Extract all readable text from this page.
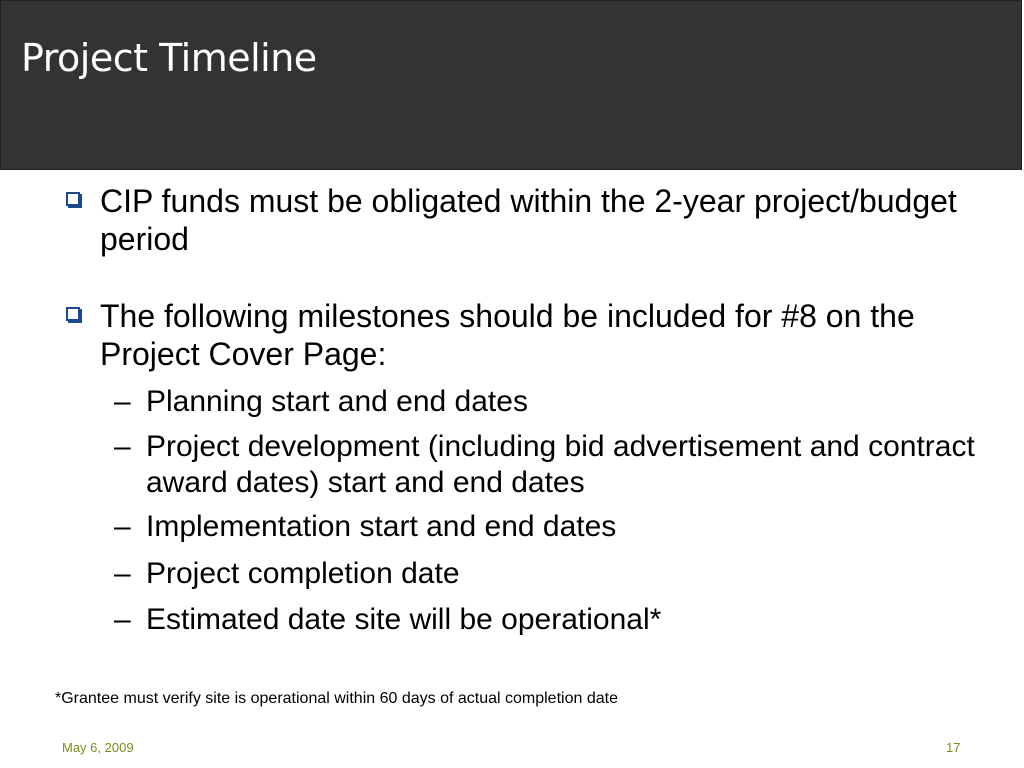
Project Timeline
CIP funds must be obligated within the 2-year project/budget period
The following milestones should be included for #8 on the Project Cover Page:
– Planning start and end dates
– Project development (including bid advertisement and contract award dates) start and end dates
– Implementation start and end dates
– Project completion date
– Estimated date site will be operational*
*Grantee must verify site is operational within 60 days of actual completion date
May 6, 2009	17
